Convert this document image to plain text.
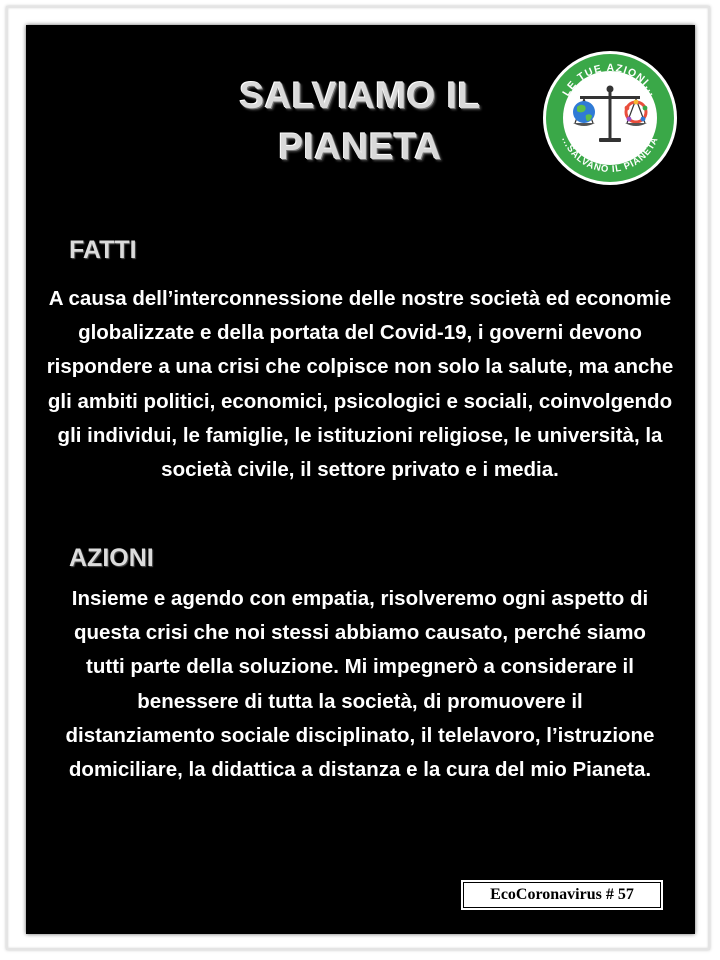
SALVIAMO IL
PIANETA
LE TUE AZIONI...
...SALVANO IL PIANETA
FATTI
A causa dell’interconnessione delle nostre società ed economie globalizzate e della portata del Covid-19, i governi devono rispondere a una crisi che colpisce non solo la salute, ma anche gli ambiti politici, economici, psicologici e sociali, coinvolgendo gli individui, le famiglie, le istituzioni religiose, le università, la società civile, il settore privato e i media.
AZIONI
Insieme e agendo con empatia, risolveremo ogni aspetto di questa crisi che noi stessi abbiamo causato, perché siamo tutti parte della soluzione. Mi impegnerò a considerare il benessere di tutta la società, di promuovere il distanziamento sociale disciplinato, il telelavoro, l’istruzione domiciliare, la didattica a distanza e la cura del mio Pianeta.
EcoCoronavirus # 57
